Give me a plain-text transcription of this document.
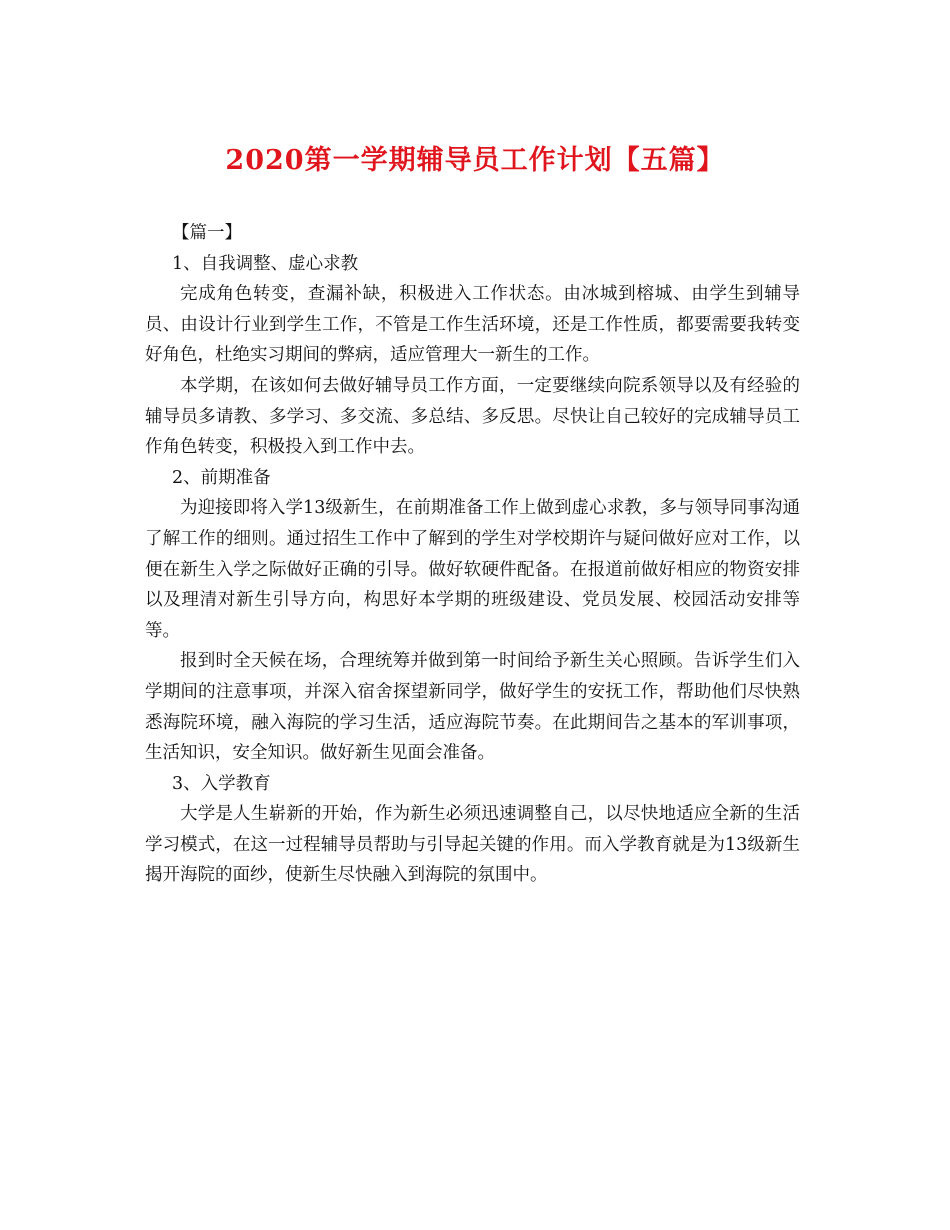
2020第一学期辅导员工作计划【五篇】

【篇一】

1、自我调整、虚心求教

完成角色转变，查漏补缺，积极进入工作状态。由冰城到榕城、由学生到辅导员、由设计行业到学生工作，不管是工作生活环境，还是工作性质，都要需要我转变好角色，杜绝实习期间的弊病，适应管理大一新生的工作。

本学期，在该如何去做好辅导员工作方面，一定要继续向院系领导以及有经验的辅导员多请教、多学习、多交流、多总结、多反思。尽快让自己较好的完成辅导员工作角色转变，积极投入到工作中去。

2、前期准备

为迎接即将入学13级新生，在前期准备工作上做到虚心求教，多与领导同事沟通了解工作的细则。通过招生工作中了解到的学生对学校期许与疑问做好应对工作，以便在新生入学之际做好正确的引导。做好软硬件配备。在报道前做好相应的物资安排以及理清对新生引导方向，构思好本学期的班级建设、党员发展、校园活动安排等等。

报到时全天候在场，合理统筹并做到第一时间给予新生关心照顾。告诉学生们入学期间的注意事项，并深入宿舍探望新同学，做好学生的安抚工作，帮助他们尽快熟悉海院环境，融入海院的学习生活，适应海院节奏。在此期间告之基本的军训事项，生活知识，安全知识。做好新生见面会准备。

3、入学教育

大学是人生崭新的开始，作为新生必须迅速调整自己，以尽快地适应全新的生活学习模式，在这一过程辅导员帮助与引导起关键的作用。而入学教育就是为13级新生揭开海院的面纱，使新生尽快融入到海院的氛围中。
